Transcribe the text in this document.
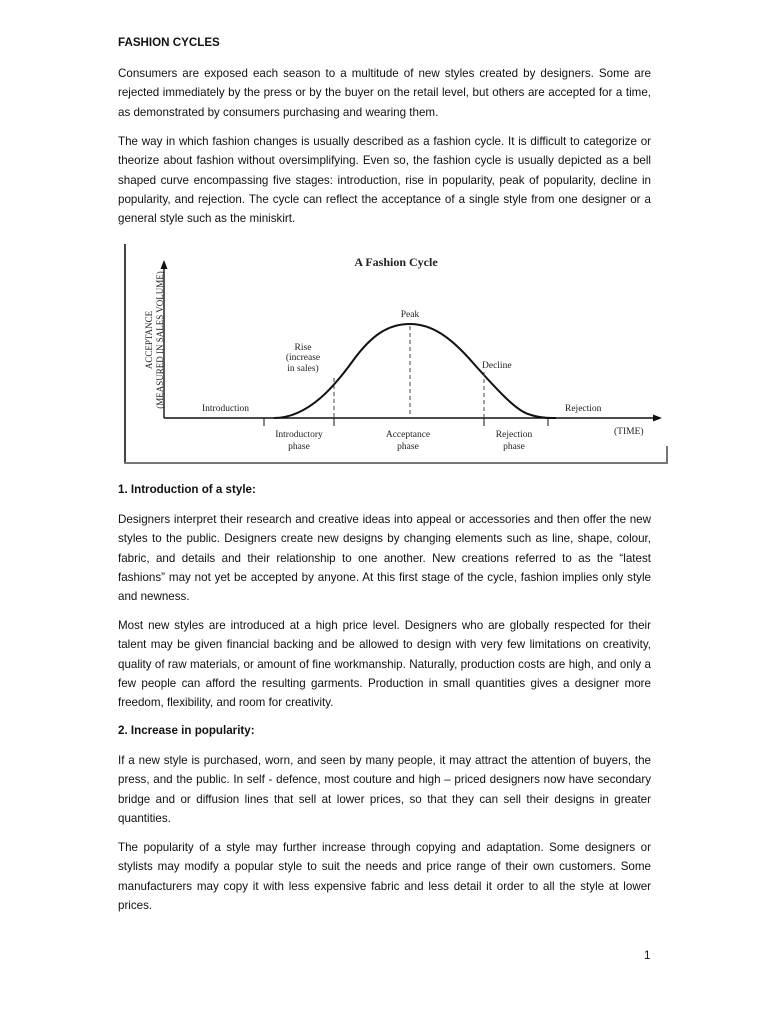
FASHION CYCLES

Consumers are exposed each season to a multitude of new styles created by designers. Some are rejected immediately by the press or by the buyer on the retail level, but others are accepted for a time, as demonstrated by consumers purchasing and wearing them.

The way in which fashion changes is usually described as a fashion cycle. It is difficult to categorize or theorize about fashion without oversimplifying. Even so, the fashion cycle is usually depicted as a bell shaped curve encompassing five stages: introduction, rise in popularity, peak of popularity, decline in popularity, and rejection. The cycle can reflect the acceptance of a single style from one designer or a general style such as the miniskirt.

A Fashion Cycle
ACCEPTANCE (MEASURED IN SALES VOLUME)
Introduction
Rise
(increase
in sales)
Peak
Decline
Rejection
Introductory
phase
Acceptance
phase
Rejection
phase
(TIME)

1. Introduction of a style:

Designers interpret their research and creative ideas into appeal or accessories and then offer the new styles to the public. Designers create new designs by changing elements such as line, shape, colour, fabric, and details and their relationship to one another. New creations referred to as the “latest fashions” may not yet be accepted by anyone. At this first stage of the cycle, fashion implies only style and newness.

Most new styles are introduced at a high price level. Designers who are globally respected for their talent may be given financial backing and be allowed to design with very few limitations on creativity, quality of raw materials, or amount of fine workmanship. Naturally, production costs are high, and only a few people can afford the resulting garments. Production in small quantities gives a designer more freedom, flexibility, and room for creativity.

2. Increase in popularity:

If a new style is purchased, worn, and seen by many people, it may attract the attention of buyers, the press, and the public. In self - defence, most couture and high – priced designers now have secondary bridge and or diffusion lines that sell at lower prices, so that they can sell their designs in greater quantities.

The popularity of a style may further increase through copying and adaptation. Some designers or stylists may modify a popular style to suit the needs and price range of their own customers. Some manufacturers may copy it with less expensive fabric and less detail it order to all the style at lower prices.

1
